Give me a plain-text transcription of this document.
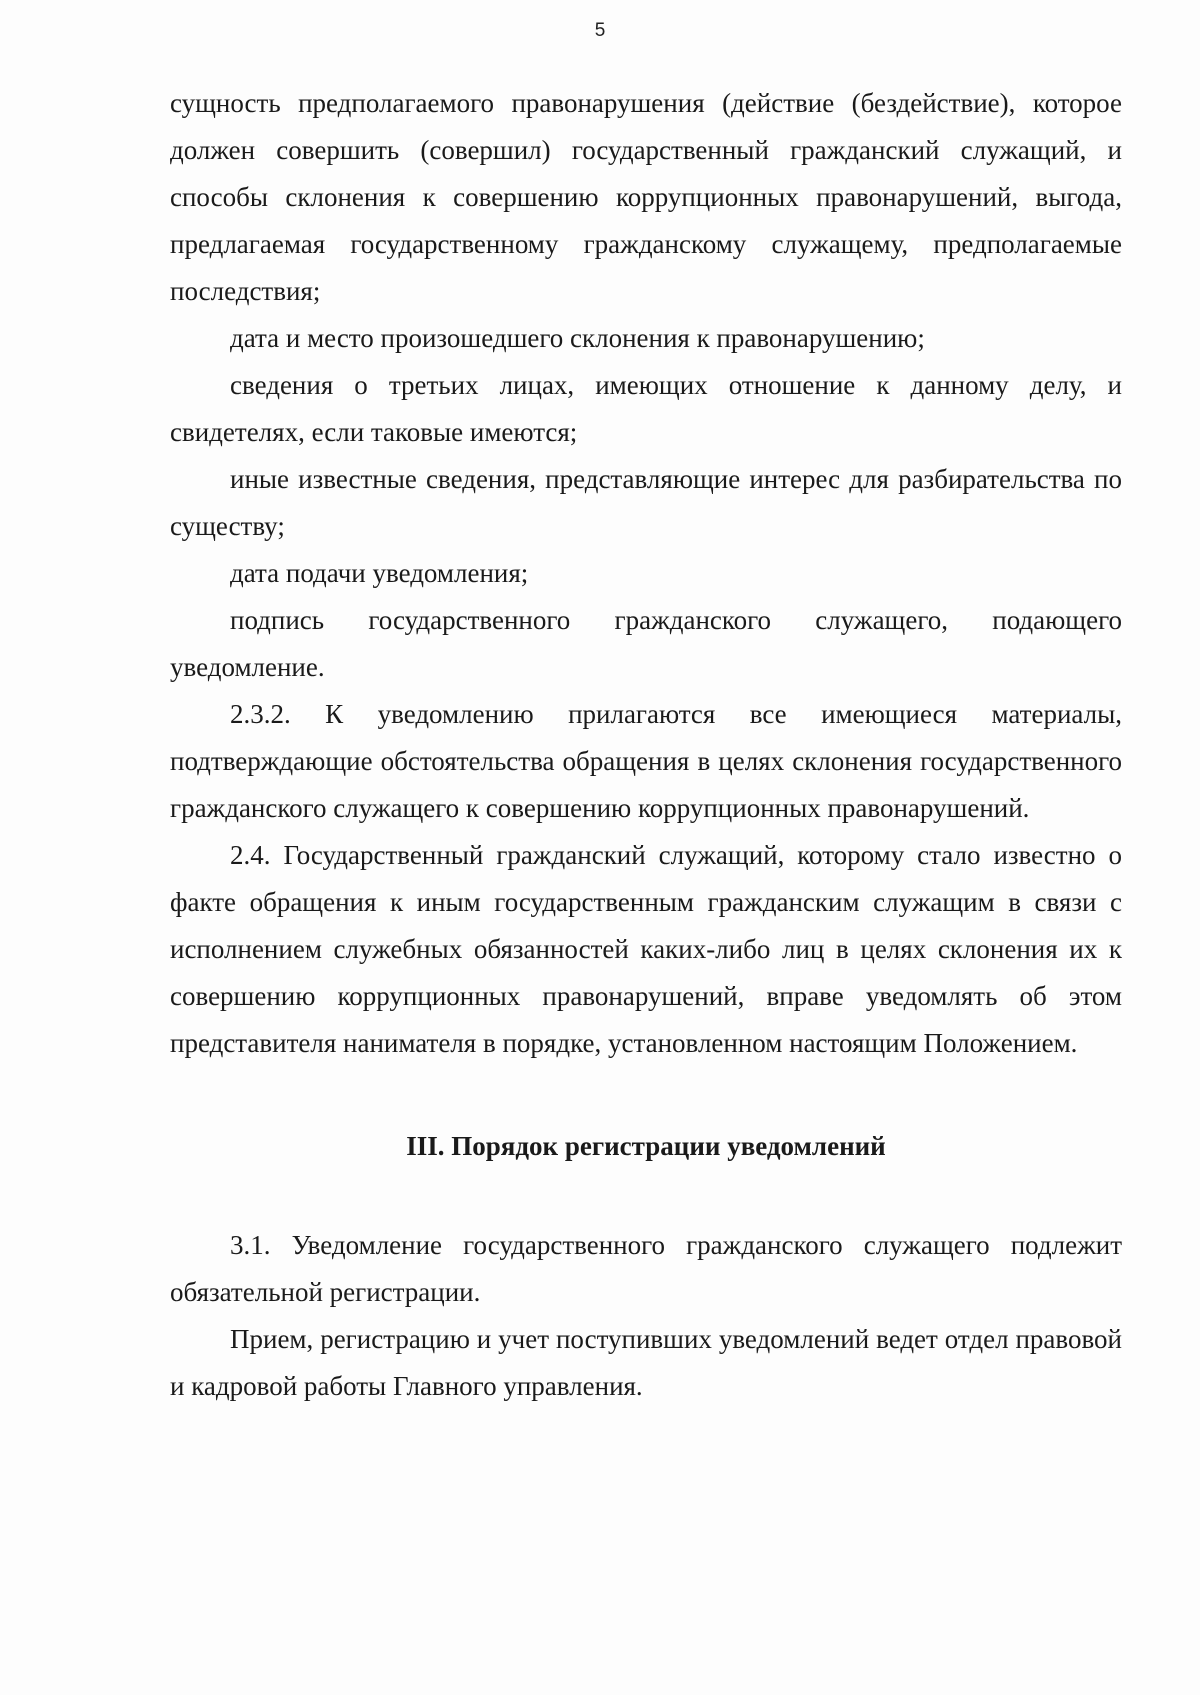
5

сущность предполагаемого правонарушения (действие (бездействие), которое должен совершить (совершил) государственный гражданский служащий, и способы склонения к совершению коррупционных правонарушений, выгода, предлагаемая государственному гражданскому служащему, предполагаемые последствия;

дата и место произошедшего склонения к правонарушению;

сведения о третьих лицах, имеющих отношение к данному делу, и свидетелях, если таковые имеются;

иные известные сведения, представляющие интерес для разбирательства по существу;

дата подачи уведомления;

подпись государственного гражданского служащего, подающего уведомление.

2.3.2. К уведомлению прилагаются все имеющиеся материалы, подтверждающие обстоятельства обращения в целях склонения государственного гражданского служащего к совершению коррупционных правонарушений.

2.4. Государственный гражданский служащий, которому стало известно о факте обращения к иным государственным гражданским служащим в связи с исполнением служебных обязанностей каких-либо лиц в целях склонения их к совершению коррупционных правонарушений, вправе уведомлять об этом представителя нанимателя в порядке, установленном настоящим Положением.

III. Порядок регистрации уведомлений

3.1. Уведомление государственного гражданского служащего подлежит обязательной регистрации.

Прием, регистрацию и учет поступивших уведомлений ведет отдел правовой и кадровой работы Главного управления.
